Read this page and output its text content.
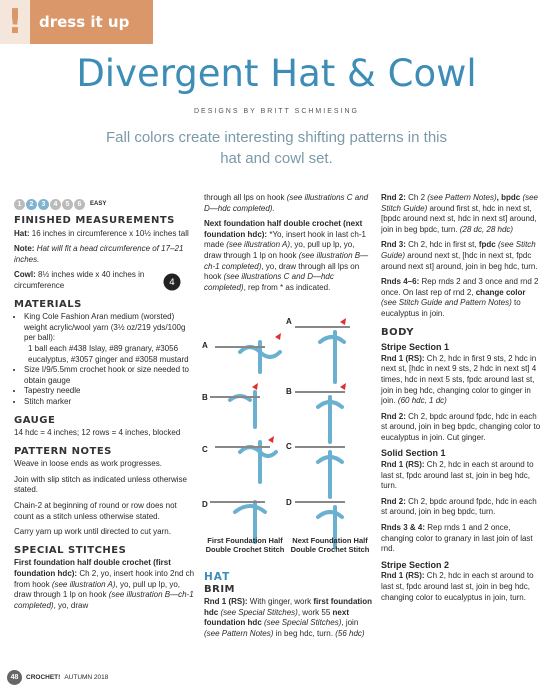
!	dress it up
Divergent Hat & Cowl
DESIGNS BY BRITT SCHMIESING
Fall colors create interesting shifting patterns in this hat and cowl set.
1	2	3	4	5	6	EASY
FINISHED MEASUREMENTS

Hat: 16 inches in circumference x 10½ inches tall

Note: Hat will fit a head circumference of 17–21 inches.

Cowl: 8½ inches wide x 40 inches in circumference

MATERIALS
• King Cole Fashion Aran medium (worsted) weight acrylic/wool yarn (3½ oz/219 yds/100g per ball):

1 ball each #438 Islay, #89 granary, #3056 eucalyptus, #3057 ginger and #3058 mustard
• Size I/9/5.5mm crochet hook or size needed to obtain gauge
• Tapestry needle
• Stitch marker
GAUGE

14 hdc = 4 inches; 12 rows = 4 inches, blocked

PATTERN NOTES

Weave in loose ends as work progresses.

Join with slip stitch as indicated unless otherwise stated.

Chain-2 at beginning of round or row does not count as a stitch unless otherwise stated.

Carry yarn up work until directed to cut yarn.

SPECIAL STITCHES

First foundation half double crochet (first foundation hdc): Ch 2, yo, insert hook into 2nd ch from hook (see illustration A), yo, pull up lp, yo, draw through 1 lp on hook (see illustration B—ch-1 completed), yo, draw

4

through all lps on hook (see illustrations C and D—hdc completed).

Next foundation half double crochet (next foundation hdc): *Yo, insert hook in last ch-1 made (see illustration A), yo, pull up lp, yo, draw through 1 lp on hook (see illustration B—ch-1 completed), yo, draw through all lps on hook (see illustrations C and D—hdc completed), rep from * as indicated.

A
B
C
D
A
B
C
D
First Foundation Half Double Crochet Stitch
Next Foundation Half Double Crochet Stitch
HAT
BRIM

Rnd 1 (RS): With ginger, work first foundation hdc (see Special Stitches), work 55 next foundation hdc (see Special Stitches), join (see Pattern Notes) in beg hdc, turn. (56 hdc)

Rnd 2: Ch 2 (see Pattern Notes), bpdc (see Stitch Guide) around first st, hdc in next st, [bpdc around next st, hdc in next st] around, join in beg bpdc, turn. (28 dc, 28 hdc)

Rnd 3: Ch 2, hdc in first st, fpdc (see Stitch Guide) around next st, [hdc in next st, fpdc around next st] around, join in beg hdc, turn.

Rnds 4–6: Rep rnds 2 and 3 once and rnd 2 once. On last rep of rnd 2, change color (see Stitch Guide and Pattern Notes) to eucalyptus in join.

BODY
Stripe Section 1

Rnd 1 (RS): Ch 2, hdc in first 9 sts, 2 hdc in next st, [hdc in next 9 sts, 2 hdc in next st] 4 times, hdc in next 5 sts, fpdc around last st, join in beg hdc, changing color to ginger in join. (60 hdc, 1 dc)

Rnd 2: Ch 2, bpdc around fpdc, hdc in each st around, join in beg bpdc, changing color to eucalyptus in join. Cut ginger.

Solid Section 1

Rnd 1 (RS): Ch 2, hdc in each st around to last st, fpdc around last st, join in beg hdc, turn.

Rnd 2: Ch 2, bpdc around fpdc, hdc in each st around, join in beg bpdc, turn.

Rnds 3 & 4: Rep rnds 1 and 2 once, changing color to granary in last join of last rnd.

Stripe Section 2

Rnd 1 (RS): Ch 2, hdc in each st around to last st, fpdc around last st, join in beg hdc, changing color to eucalyptus in join, turn.

48	CROCHET! AUTUMN 2018
